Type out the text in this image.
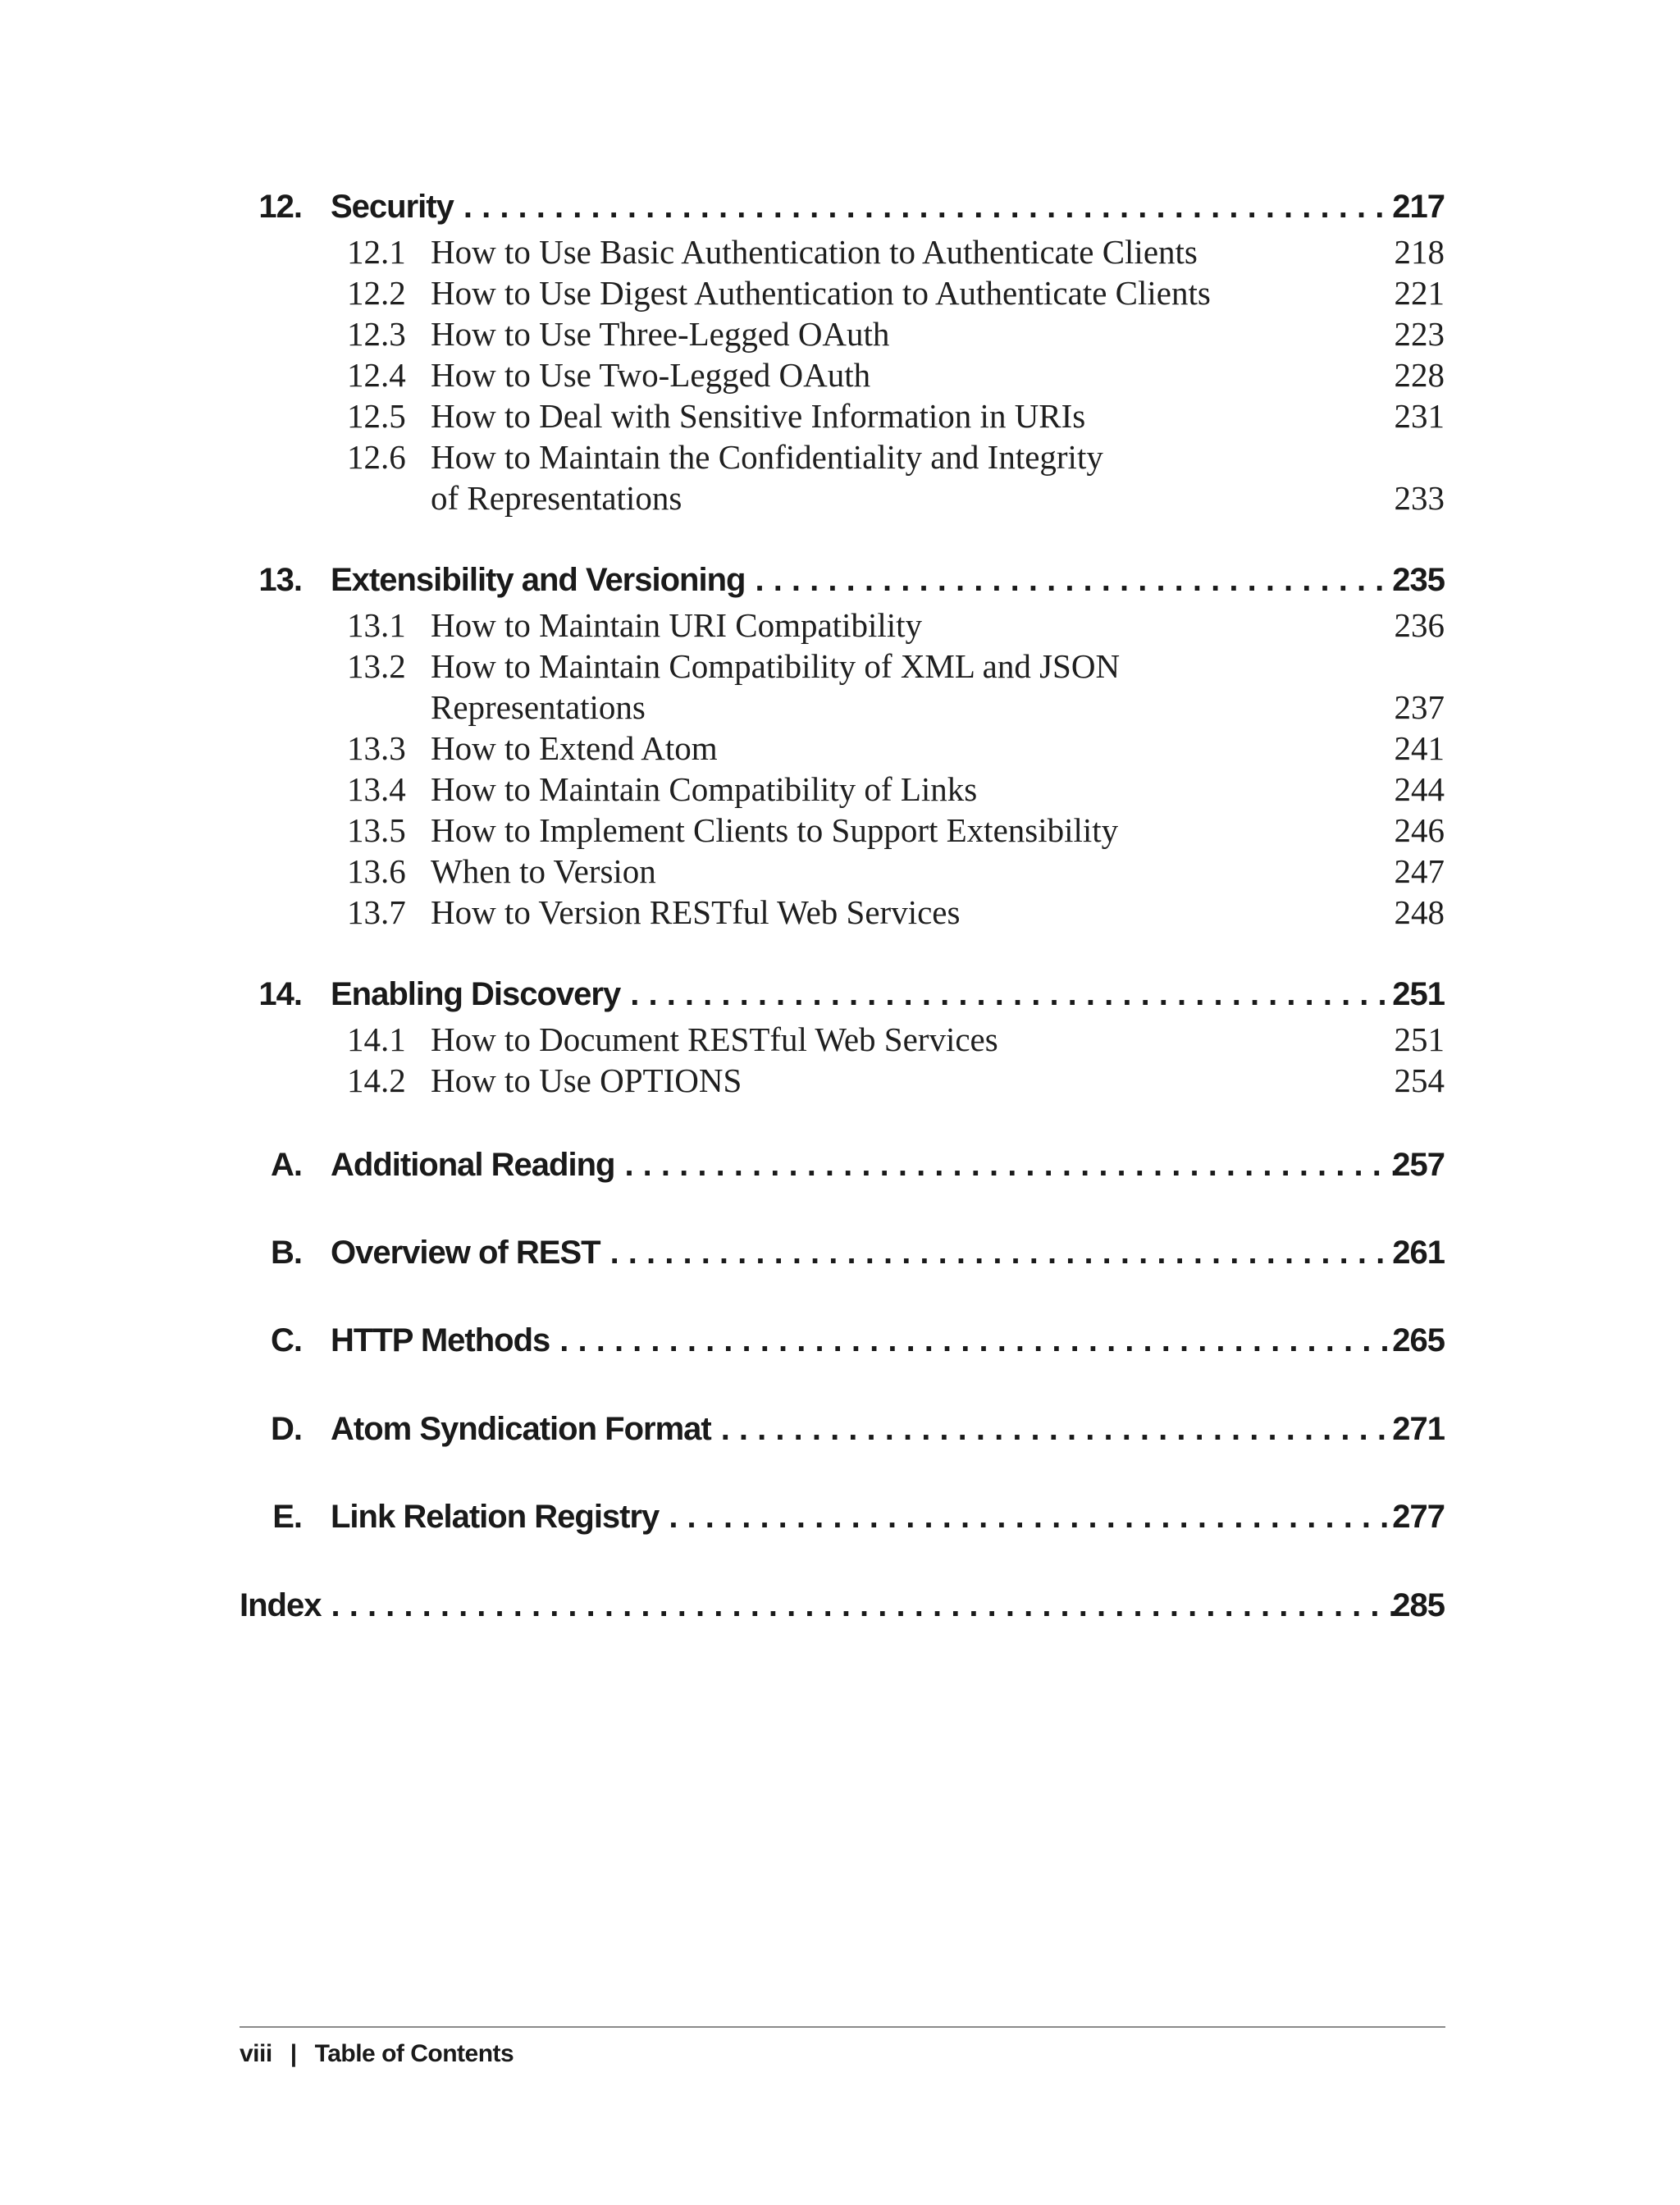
12. Security . . .	217
12.1 How to Use Basic Authentication to Authenticate Clients	218
12.2 How to Use Digest Authentication to Authenticate Clients	221
12.3 How to Use Three-Legged OAuth	223
12.4 How to Use Two-Legged OAuth	228
12.5 How to Deal with Sensitive Information in URIs	231
12.6 How to Maintain the Confidentiality and Integrity
of Representations	233
13. Extensibility and Versioning . . .	235
13.1 How to Maintain URI Compatibility	236
13.2 How to Maintain Compatibility of XML and JSON
Representations	237
13.3 How to Extend Atom	241
13.4 How to Maintain Compatibility of Links	244
13.5 How to Implement Clients to Support Extensibility	246
13.6 When to Version	247
13.7 How to Version RESTful Web Services	248
14. Enabling Discovery . . .	251
14.1 How to Document RESTful Web Services	251
14.2 How to Use OPTIONS	254
A. Additional Reading . . .	257
B. Overview of REST . . .	261
C. HTTP Methods . . .	265
D. Atom Syndication Format . . .	271
E. Link Relation Registry . . .	277
Index . . .	285
viii | Table of Contents
